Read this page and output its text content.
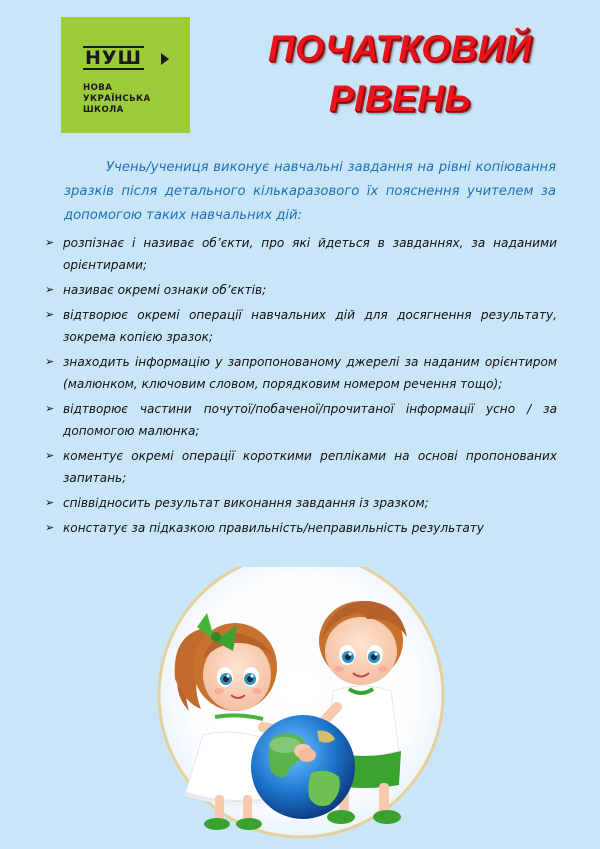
НУШ
НОВА
УКРАЇНСЬКА
ШКОЛА
ПОЧАТКОВИЙ
РІВЕНЬ

Учень/учениця виконує навчальні завдання на рівні копіювання зразків після детального кількаразового їх пояснення учителем за допомогою таких навчальних дій:

➢ розпізнає і називає об’єкти, про які йдеться в завданнях, за наданими орієнтирами;
➢ називає окремі ознаки об’єктів;
➢ відтворює окремі операції навчальних дій для досягнення результату, зокрема копією зразок;
➢ знаходить інформацію у запропонованому джерелі за наданим орієнтиром (малюнком, ключовим словом, порядковим номером речення тощо);
➢ відтворює частини почутої/побаченої/прочитаної інформації усно / за допомогою малюнка;
➢ коментує окремі операції короткими репліками на основі пропонованих запитань;
➢ співвідносить результат виконання завдання із зразком;
➢ констатує за підказкою правильність/неправильність результату
